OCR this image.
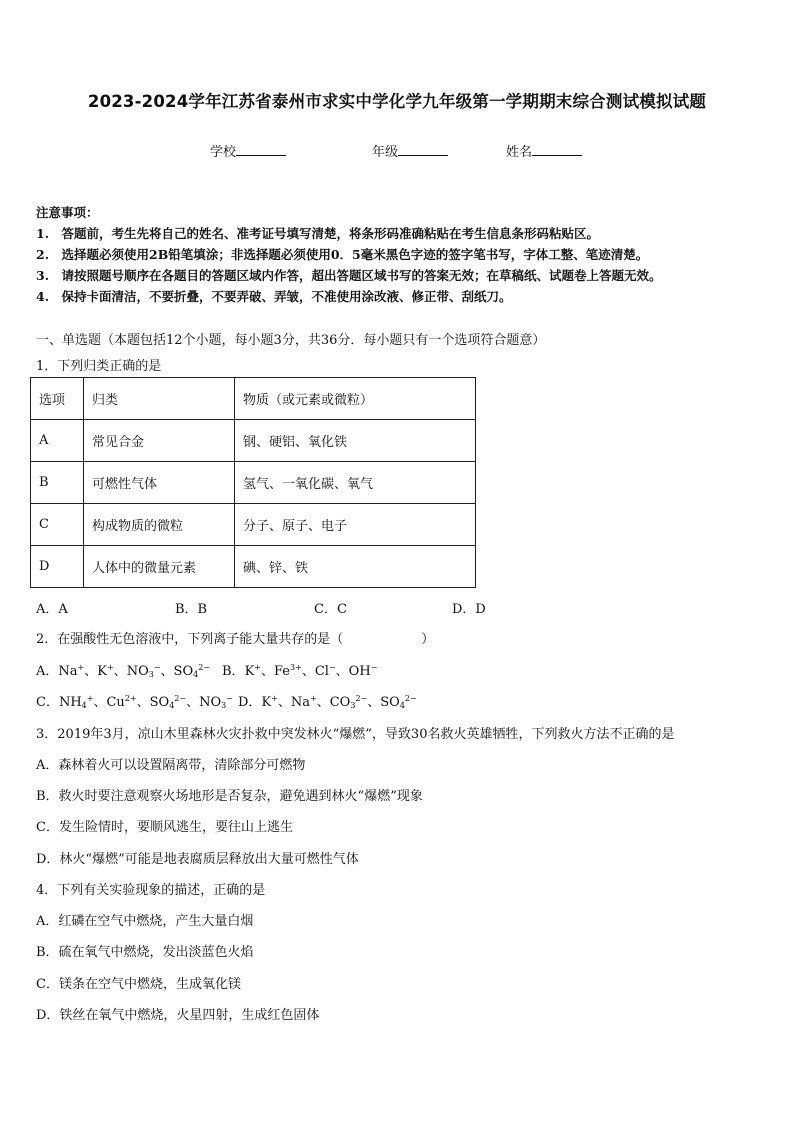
2023-2024学年江苏省泰州市求实中学化学九年级第一学期期末综合测试模拟试题
学校	年级	姓名
注意事项：
1.　答题前，考生先将自己的姓名、准考证号填写清楚，将条形码准确粘贴在考生信息条形码粘贴区。
2.　选择题必须使用2B铅笔填涂；非选择题必须使用0．5毫米黑色字迹的签字笔书写，字体工整、笔迹清楚。
3.　请按照题号顺序在各题目的答题区域内作答，超出答题区域书写的答案无效；在草稿纸、试题卷上答题无效。
4.　保持卡面清洁，不要折叠，不要弄破、弄皱，不准使用涂改液、修正带、刮纸刀。
一、单选题（本题包括12个小题，每小题3分，共36分．每小题只有一个选项符合题意）
1．下列归类正确的是
选项	归类	物质（或元素或微粒）
A	常见合金	钢、硬铝、氧化铁
B	可燃性气体	氢气、一氧化碳、氧气
C	构成物质的微粒	分子、原子、电子
D	人体中的微量元素	碘、锌、铁
A．A	B．B	C．C	D．D
2．在强酸性无色溶液中，下列离子能大量共存的是（　　　　　　）
A．Na+、K+、$NO_3^-$、$SO_4^{2-}$ B．K+、$Fe^{3+}$、Cl−、OH−
C．$NH_4^+$、$Cu^{2+}$、$SO_4^{2-}$、$NO_3^-$ D．K+、Na+、$CO_3^{2-}$、$SO_4^{2-}$
3．2019年3月，凉山木里森林火灾扑救中突发林火“爆燃”，导致30名救火英雄牺牲，下列救火方法不正确的是
A．森林着火可以设置隔离带，清除部分可燃物
B．救火时要注意观察火场地形是否复杂，避免遇到林火“爆燃”现象
C．发生险情时，要顺风逃生，要往山上逃生
D．林火“爆燃”可能是地表腐质层释放出大量可燃性气体
4．下列有关实验现象的描述，正确的是
A．红磷在空气中燃烧，产生大量白烟
B．硫在氧气中燃烧，发出淡蓝色火焰
C．镁条在空气中燃烧，生成氧化镁
D．铁丝在氧气中燃烧，火星四射，生成红色固体
